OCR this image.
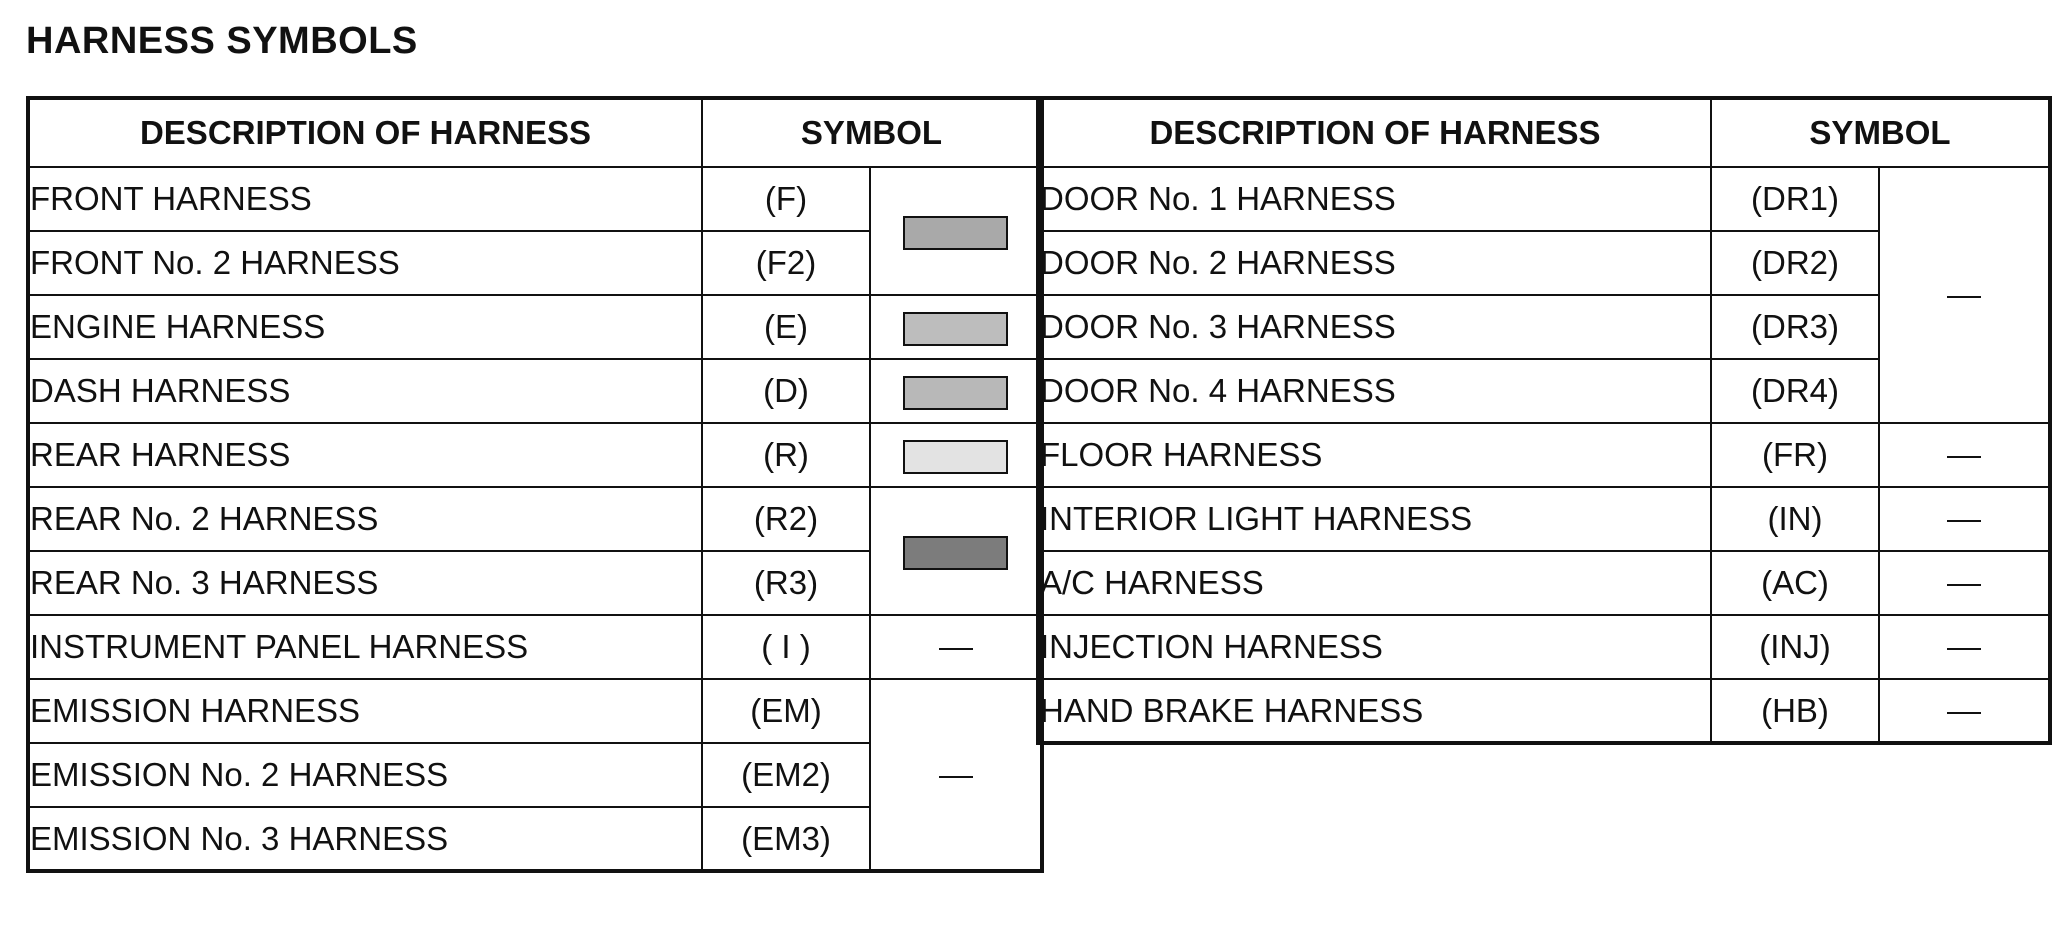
HARNESS SYMBOLS
DESCRIPTION OF HARNESS	SYMBOL	
FRONT HARNESS	(F)	
FRONT No. 2 HARNESS	(F2)	
ENGINE HARNESS	(E)	
DASH HARNESS	(D)	
REAR HARNESS	(R)	
REAR No. 2 HARNESS	(R2)	
REAR No. 3 HARNESS	(R3)	
INSTRUMENT PANEL HARNESS	( I )	
EMISSION HARNESS	(EM)	
EMISSION No. 2 HARNESS	(EM2)	
EMISSION No. 3 HARNESS	(EM3)	
DESCRIPTION OF HARNESS	SYMBOL	
DOOR No. 1 HARNESS	(DR1)	
DOOR No. 2 HARNESS	(DR2)	
DOOR No. 3 HARNESS	(DR3)	
DOOR No. 4 HARNESS	(DR4)	
FLOOR HARNESS	(FR)	
INTERIOR LIGHT HARNESS	(IN)	
A/C HARNESS	(AC)	
INJECTION HARNESS	(INJ)	
HAND BRAKE HARNESS	(HB)	
